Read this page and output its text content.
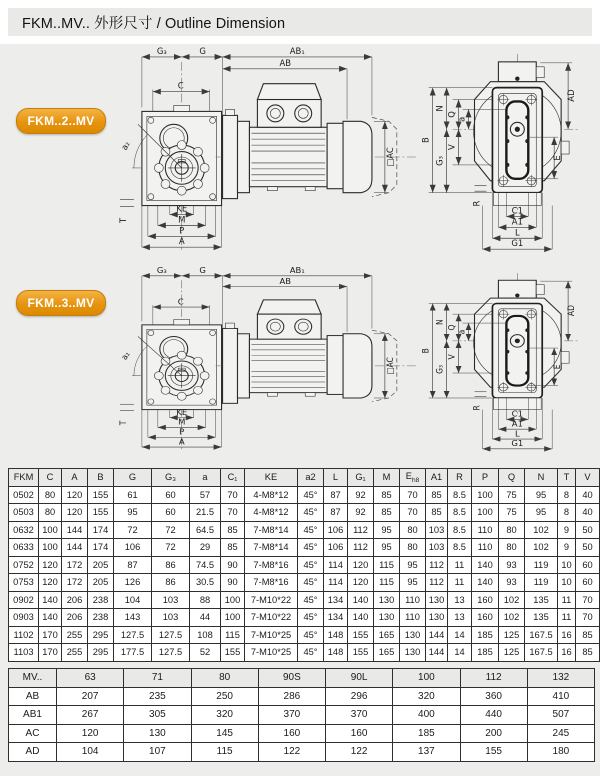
FKM..MV.. 外形尺寸 / Outline Dimension
FKM..2..MV
FKM..3..MV
FKM	C	A	B	G	G₃	a	C₁	KE	a2	L	G₁	M	$E_{h8}$	A1	R	P	Q	N	T	V
0502	80	120	155	61	60	57	70	4-M8*12	45°	87	92	85	70	85	8.5	100	75	95	8	40
0503	80	120	155	95	60	21.5	70	4-M8*12	45°	87	92	85	70	85	8.5	100	75	95	8	40
0632	100	144	174	72	72	64.5	85	7-M8*14	45°	106	112	95	80	103	8.5	110	80	102	9	50
0633	100	144	174	106	72	29	85	7-M8*14	45°	106	112	95	80	103	8.5	110	80	102	9	50
0752	120	172	205	87	86	74.5	90	7-M8*16	45°	114	120	115	95	112	11	140	93	119	10	60
0753	120	172	205	126	86	30.5	90	7-M8*16	45°	114	120	115	95	112	11	140	93	119	10	60
0902	140	206	238	104	103	88	100	7-M10*22	45°	134	140	130	110	130	13	160	102	135	11	70
0903	140	206	238	143	103	44	100	7-M10*22	45°	134	140	130	110	130	13	160	102	135	11	70
1102	170	255	295	127.5	127.5	108	115	7-M10*25	45°	148	155	165	130	144	14	185	125	167.5	16	85
1103	170	255	295	177.5	127.5	52	155	7-M10*25	45°	148	155	165	130	144	14	185	125	167.5	16	85
MV..	63	71	80	90S	90L	100	112	132
AB	207	235	250	286	296	320	360	410
AB1	267	305	320	370	370	400	440	507
AC	120	130	145	160	160	185	200	245
AD	104	107	115	122	122	137	155	180
